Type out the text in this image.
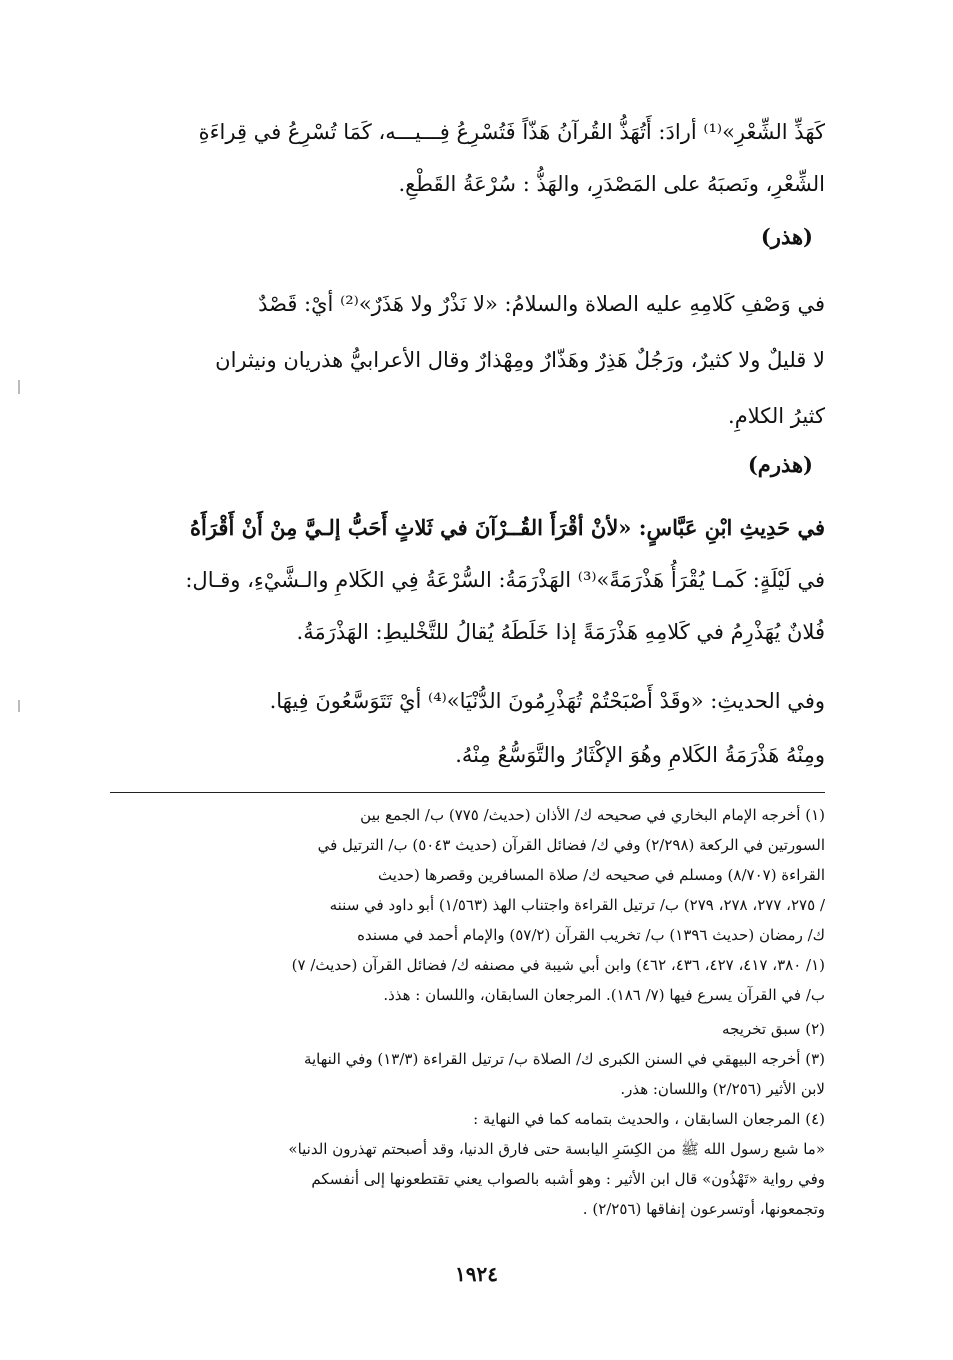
كَهَذِّ الشِّعْرِ»⁽¹⁾ أرادَ: أَتُهَذُّ القُرآنُ هَذّاً فَتُسْرِعُ فِـــيـــه، كَمَا تُسْرِعُ في قِراءَةِ
الشِّعْرِ، ونَصبَهُ على المَصْدَرِ، والهَذُّ : سُرْعَةُ القَطْعِ.
(هذر)
في وَصْفِ كَلامِهِ عليه الصلاة والسلامُ: «لا نَذْرٌ ولا هَذَرٌ»⁽²⁾ أيْ: قَصْدٌ
لا قليلٌ ولا كثيرٌ، ورَجُلٌ هَذِرٌ وهَذّارٌ ومِهْذارٌ وقال الأعرابيُّ هذريان ونيثران
كثيرُ الكلامِ.
(هذرم)
في حَدِيثِ ابْنِ عَبَّاسٍ: «لأنْ أقْرَأَ القُــرْآنَ في ثَلاثٍ أَحَبُّ إلـيَّ مِنْ أَنْ أَقْرَأَهُ
في لَيْلَةٍ: كَمـا يُقْرَأُ هَذْرَمَةً»⁽³⁾ الهَذْرَمَةُ: السُّرْعَةُ فِي الكَلامِ والـشَّيْءِ، وقـال:
فُلانٌ يُهَذْرِمُ في كَلامِهِ هَذْرَمَةً إذا خَلَطَهُ يُقالُ للتَّخْليطِ: الهَذْرَمَةُ.
وفي الحديثِ: «وقَدْ أَصْبَحْتُمْ تُهَذْرِمُونَ الدُّنْيَا»⁽⁴⁾ أيْ تَتَوَسَّعُونَ فِيهَا.
ومِنْهُ هَذْرَمَةُ الكَلامِ وهُوَ الإكْثَارُ والتَّوَسُّعُ مِنْهُ.
(١) أخرجه الإمام البخاري في صحيحه ك/ الأذان (حديث/ ٧٧٥) ب/ الجمع بين
السورتين في الركعة (٢/٢٩٨) وفي ك/ فضائل القرآن (حديث ٥٠٤٣) ب/ الترتيل في
القراءة (٨/٧٠٧) ومسلم في صحيحه ك/ صلاة المسافرين وقصرها (حديث
/ ٢٧٥، ٢٧٧، ٢٧٨، ٢٧٩) ب/ ترتيل القراءة واجتناب الهذ (١/٥٦٣) أبو داود في سننه
ك/ رمضان (حديث ١٣٩٦) ب/ تخريب القرآن (٥٧/٢) والإمام أحمد في مسنده
(١/ ٣٨٠، ٤١٧، ٤٢٧، ٤٣٦، ٤٦٢) وابن أبي شيبة في مصنفه ك/ فضائل القرآن (حديث/ ٧)
ب/ في القرآن يسرع فيها (٧/ ١٨٦). المرجعان السابقان، واللسان : هذذ.
(٢) سبق تخريجه
(٣) أخرجه البيهقي في السنن الكبرى ك/ الصلاة ب/ ترتيل القراءة (١٣/٣) وفي النهاية
لابن الأثير (٢/٢٥٦) واللسان: هذر.
(٤) المرجعان السابقان ، والحديث بتمامه كما في النهاية :
«ما شبع رسول الله ﷺ من الكِسَرِ اليابسة حتى فارق الدنيا، وقد أصبحتم تهذرون الدنيا»
وفي رواية «تَهْذُون» قال ابن الأثير : وهو أشبه بالصواب يعني تقتطعونها إلى أنفسكم
وتجمعونها، أوتسرعون إنفاقها (٢/٢٥٦) .
١٩٢٤
